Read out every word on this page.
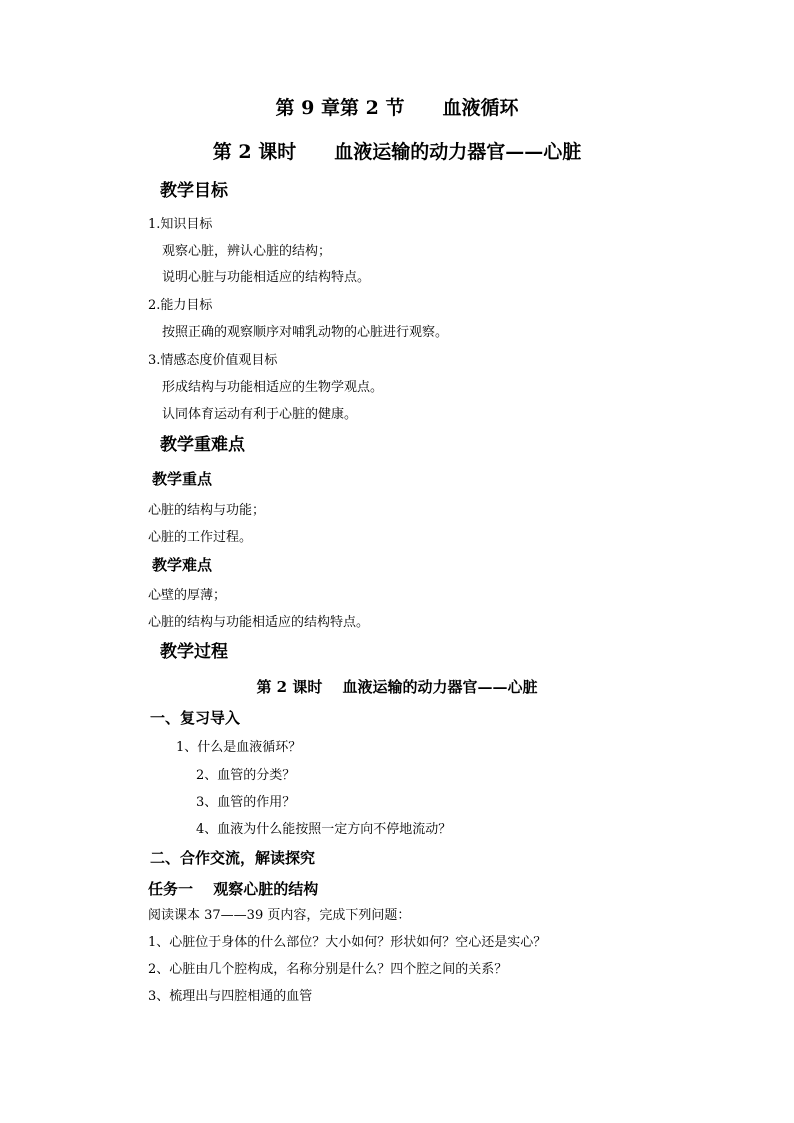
第 9 章第 2 节　　血液循环
第 2 课时　　血液运输的动力器官——心脏
教学目标
1.知识目标
观察心脏，辨认心脏的结构；
说明心脏与功能相适应的结构特点。
2.能力目标
按照正确的观察顺序对哺乳动物的心脏进行观察。
3.情感态度价值观目标
形成结构与功能相适应的生物学观点。
认同体育运动有利于心脏的健康。
教学重难点
教学重点
心脏的结构与功能；
心脏的工作过程。
教学难点
心壁的厚薄；
心脏的结构与功能相适应的结构特点。
教学过程
第 2 课时　 血液运输的动力器官——心脏
一、复习导入
1、什么是血液循环？
2、血管的分类？
3、血管的作用？
4、血液为什么能按照一定方向不停地流动？
二、合作交流，解读探究
任务一　 观察心脏的结构
阅读课本 37——39 页内容，完成下列问题：
1、心脏位于身体的什么部位？大小如何？形状如何？空心还是实心？
2、心脏由几个腔构成，名称分别是什么？四个腔之间的关系？
3、梳理出与四腔相通的血管
